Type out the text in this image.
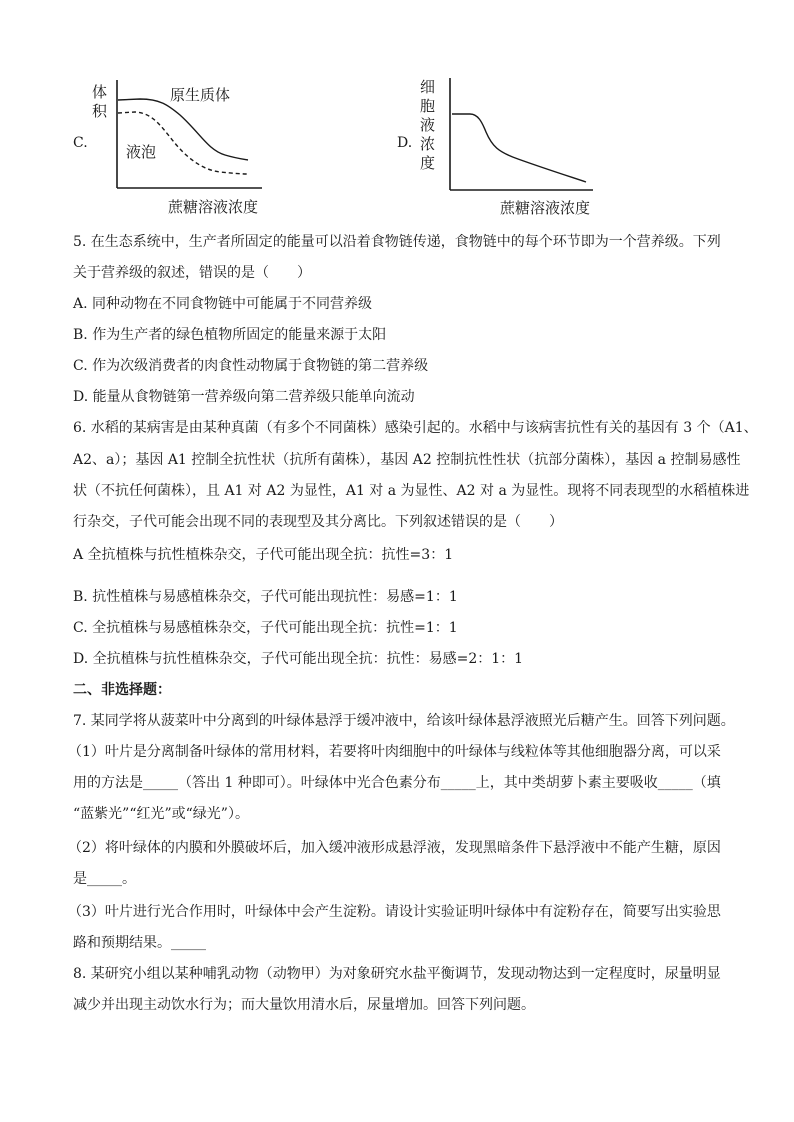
C.
体
积
原生质体
液泡
蔗糖溶液浓度
D.
细
胞
液
浓
度
蔗糖溶液浓度
5. 在生态系统中，生产者所固定的能量可以沿着食物链传递，食物链中的每个环节即为一个营养级。下列
关于营养级的叙述，错误的是（　　）
A. 同种动物在不同食物链中可能属于不同营养级
B. 作为生产者的绿色植物所固定的能量来源于太阳
C. 作为次级消费者的肉食性动物属于食物链的第二营养级
D. 能量从食物链第一营养级向第二营养级只能单向流动
6. 水稻的某病害是由某种真菌（有多个不同菌株）感染引起的。水稻中与该病害抗性有关的基因有 3 个（A1、
A2、a）；基因 A1 控制全抗性状（抗所有菌株），基因 A2 控制抗性性状（抗部分菌株），基因 a 控制易感性
状（不抗任何菌株），且 A1 对 A2 为显性，A1 对 a 为显性、A2 对 a 为显性。现将不同表现型的水稻植株进
行杂交，子代可能会出现不同的表现型及其分离比。下列叙述错误的是（　　）
A 全抗植株与抗性植株杂交，子代可能出现全抗：抗性=3：1
B. 抗性植株与易感植株杂交，子代可能出现抗性：易感=1：1
C. 全抗植株与易感植株杂交，子代可能出现全抗：抗性=1：1
D. 全抗植株与抗性植株杂交，子代可能出现全抗：抗性：易感=2：1：1
二、非选择题：
7. 某同学将从菠菜叶中分离到的叶绿体悬浮于缓冲液中，给该叶绿体悬浮液照光后糖产生。回答下列问题。
（1）叶片是分离制备叶绿体的常用材料，若要将叶肉细胞中的叶绿体与线粒体等其他细胞器分离，可以采
用的方法是_____（答出 1 种即可）。叶绿体中光合色素分布_____上，其中类胡萝卜素主要吸收_____（填
“蓝紫光”“红光”或“绿光”）。
（2）将叶绿体的内膜和外膜破坏后，加入缓冲液形成悬浮液，发现黑暗条件下悬浮液中不能产生糖，原因
是_____。
（3）叶片进行光合作用时，叶绿体中会产生淀粉。请设计实验证明叶绿体中有淀粉存在，简要写出实验思
路和预期结果。_____
8. 某研究小组以某种哺乳动物（动物甲）为对象研究水盐平衡调节，发现动物达到一定程度时，尿量明显
减少并出现主动饮水行为；而大量饮用清水后，尿量增加。回答下列问题。
